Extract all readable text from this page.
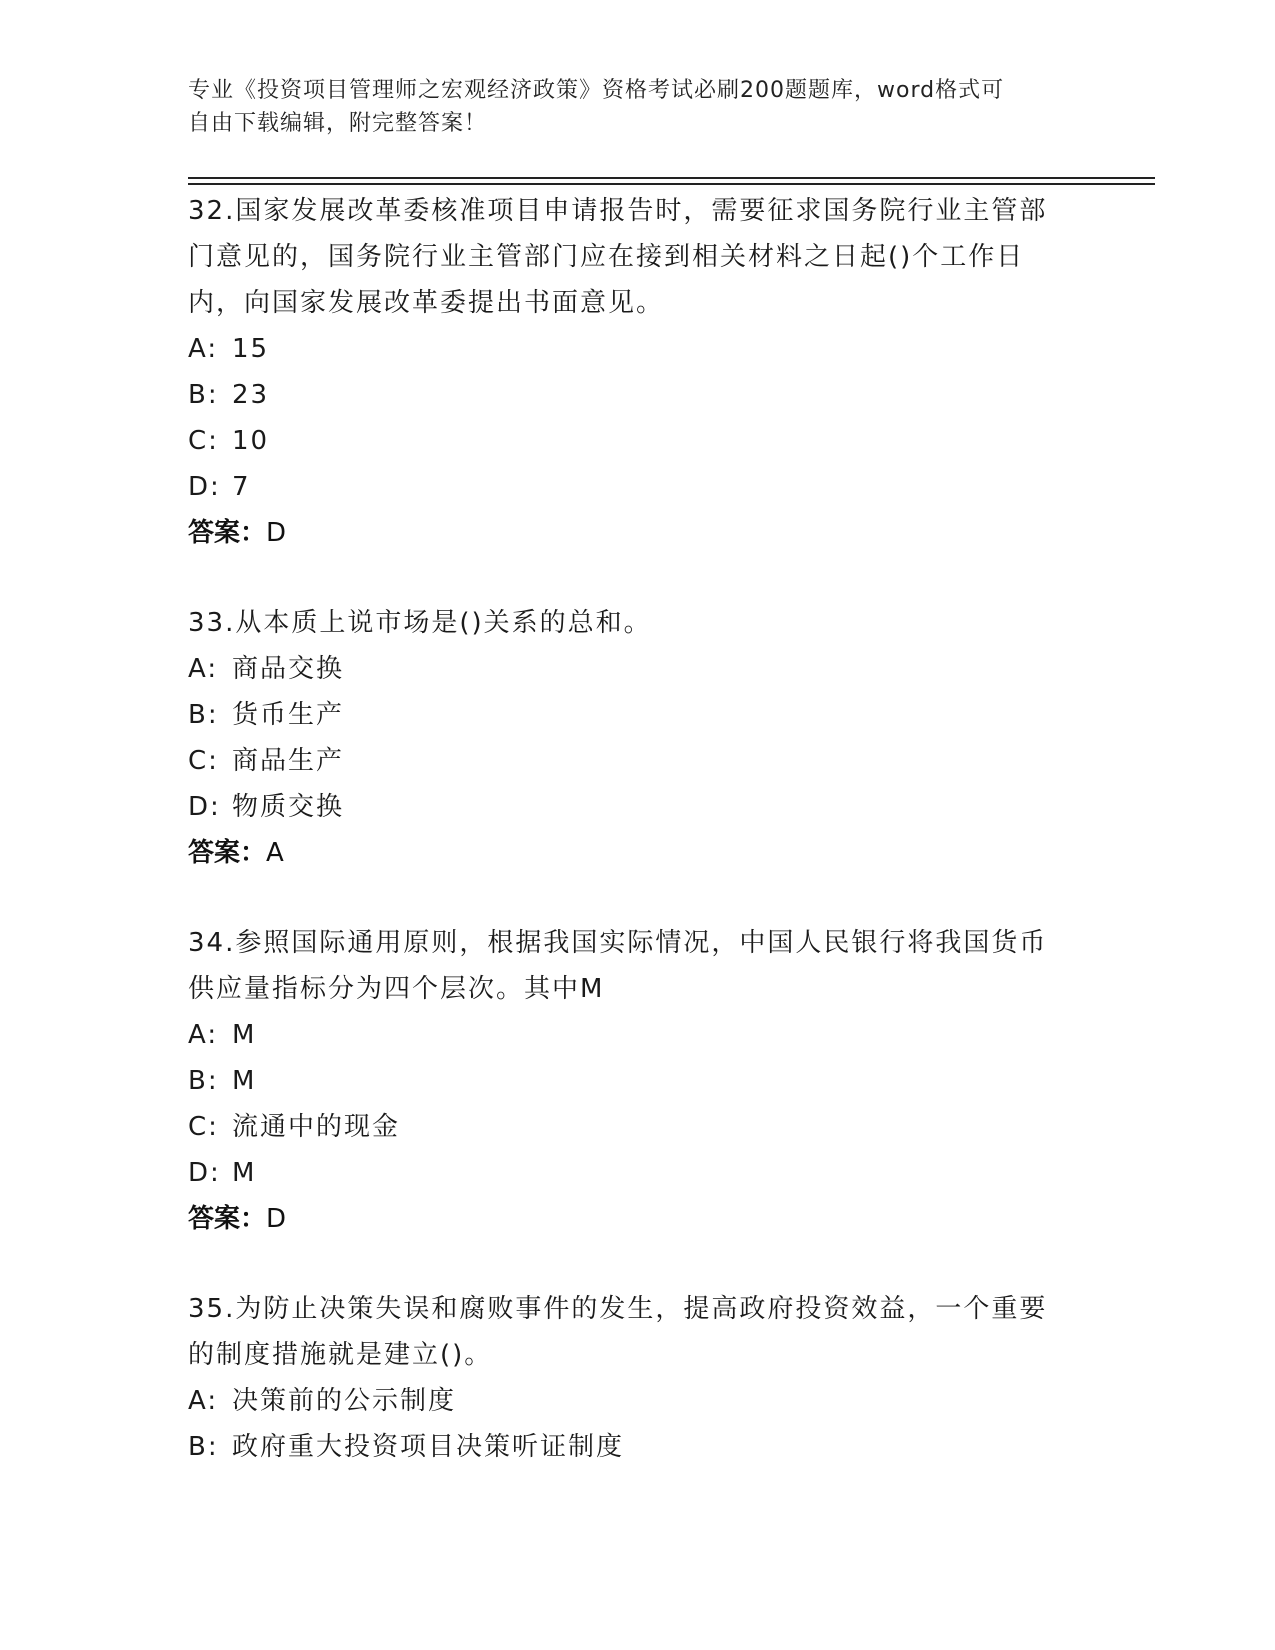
专业《投资项目管理师之宏观经济政策》资格考试必刷200题题库，word格式可
自由下载编辑，附完整答案！
32.国家发展改革委核准项目申请报告时，需要征求国务院行业主管部门意见的，国务院行业主管部门应在接到相关材料之日起()个工作日内，向国家发展改革委提出书面意见。
A: 15
B: 23
C: 10
D: 7
答案：D
33.从本质上说市场是()关系的总和。
A: 商品交换
B: 货币生产
C: 商品生产
D: 物质交换
答案：A
34.参照国际通用原则，根据我国实际情况，中国人民银行将我国货币供应量指标分为四个层次。其中M
A: M
B: M
C: 流通中的现金
D: M
答案：D
35.为防止决策失误和腐败事件的发生，提高政府投资效益，一个重要的制度措施就是建立()。
A: 决策前的公示制度
B: 政府重大投资项目决策听证制度
